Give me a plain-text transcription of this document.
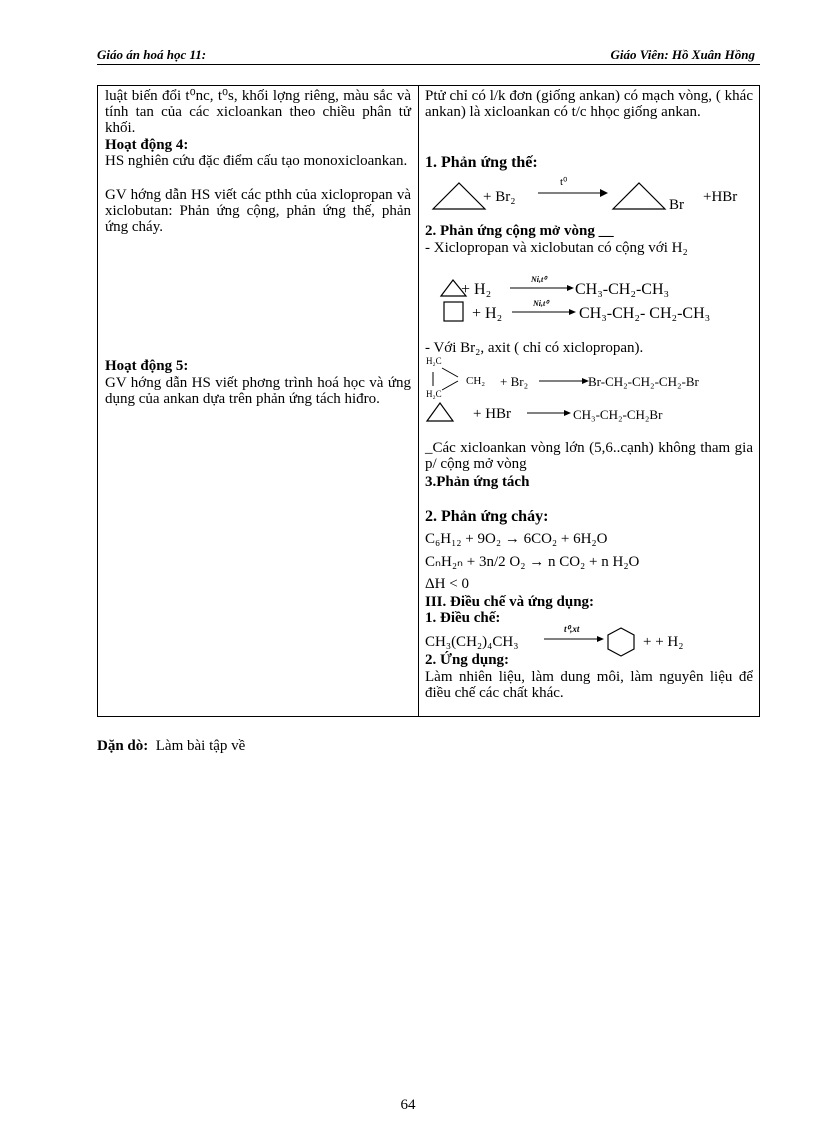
Giáo án hoá học 11:	Giáo Viên: Hồ Xuân Hồng
luật biến đổi t⁰nc, t⁰s, khối lợng riêng, màu sắc và tính tan của các xicloankan theo chiều phân tử khối.
Hoạt động 4:
HS nghiên cứu đặc điểm cấu tạo monoxicloankan.
GV hớng dẫn HS viết các pthh của xiclopropan và xiclobutan: Phản ứng cộng, phản ứng thế, phản ứng cháy.
Hoạt động 5:
GV hớng dẫn HS viết phơng trình hoá học và ứng dụng của ankan dựa trên phản ứng tách hiđro.
Ptử chỉ có l/k đơn (giống ankan) có mạch vòng, ( khác ankan) là xicloankan có t/c hhọc giống ankan.
1. Phản ứng thế:
+ Br₂
t⁰
Br +HBr
2. Phản ứng cộng mở vòng __
- Xiclopropan và xiclobutan có cộng với H₂
+ H₂
Ni,t⁰
→ CH₃-CH₂-CH₃
+ H₂
Ni,t⁰
→ CH₃-CH₂- CH₂-CH₃
- Với Br₂, axit ( chỉ có xiclopropan).
H₂C
H₂C
CH₂ + Br₂ → Br-CH₂-CH₂-CH₂-Br
+ HBr → CH₃-CH₂-CH₂Br
_Các xicloankan vòng lớn (5,6..cạnh) không tham gia p/ cộng mở vòng
3.Phản ứng tách
2. Phản ứng cháy:
C₆H₁₂ + 9O₂ → 6CO₂ + 6H₂O
CₙH₂ₙ + 3n/2 O₂ → n CO₂ + n H₂O
ΔH < 0
III. Điều chế và ứng dụng:
1. Điều chế:
CH₃(CH₂)₄CH₃
t⁰,xt
+ + H₂
2. Ứng dụng:
Làm nhiên liệu, làm dung môi, làm nguyên liệu để điều chế các chất khác.
Dặn dò: Làm bài tập về
64
